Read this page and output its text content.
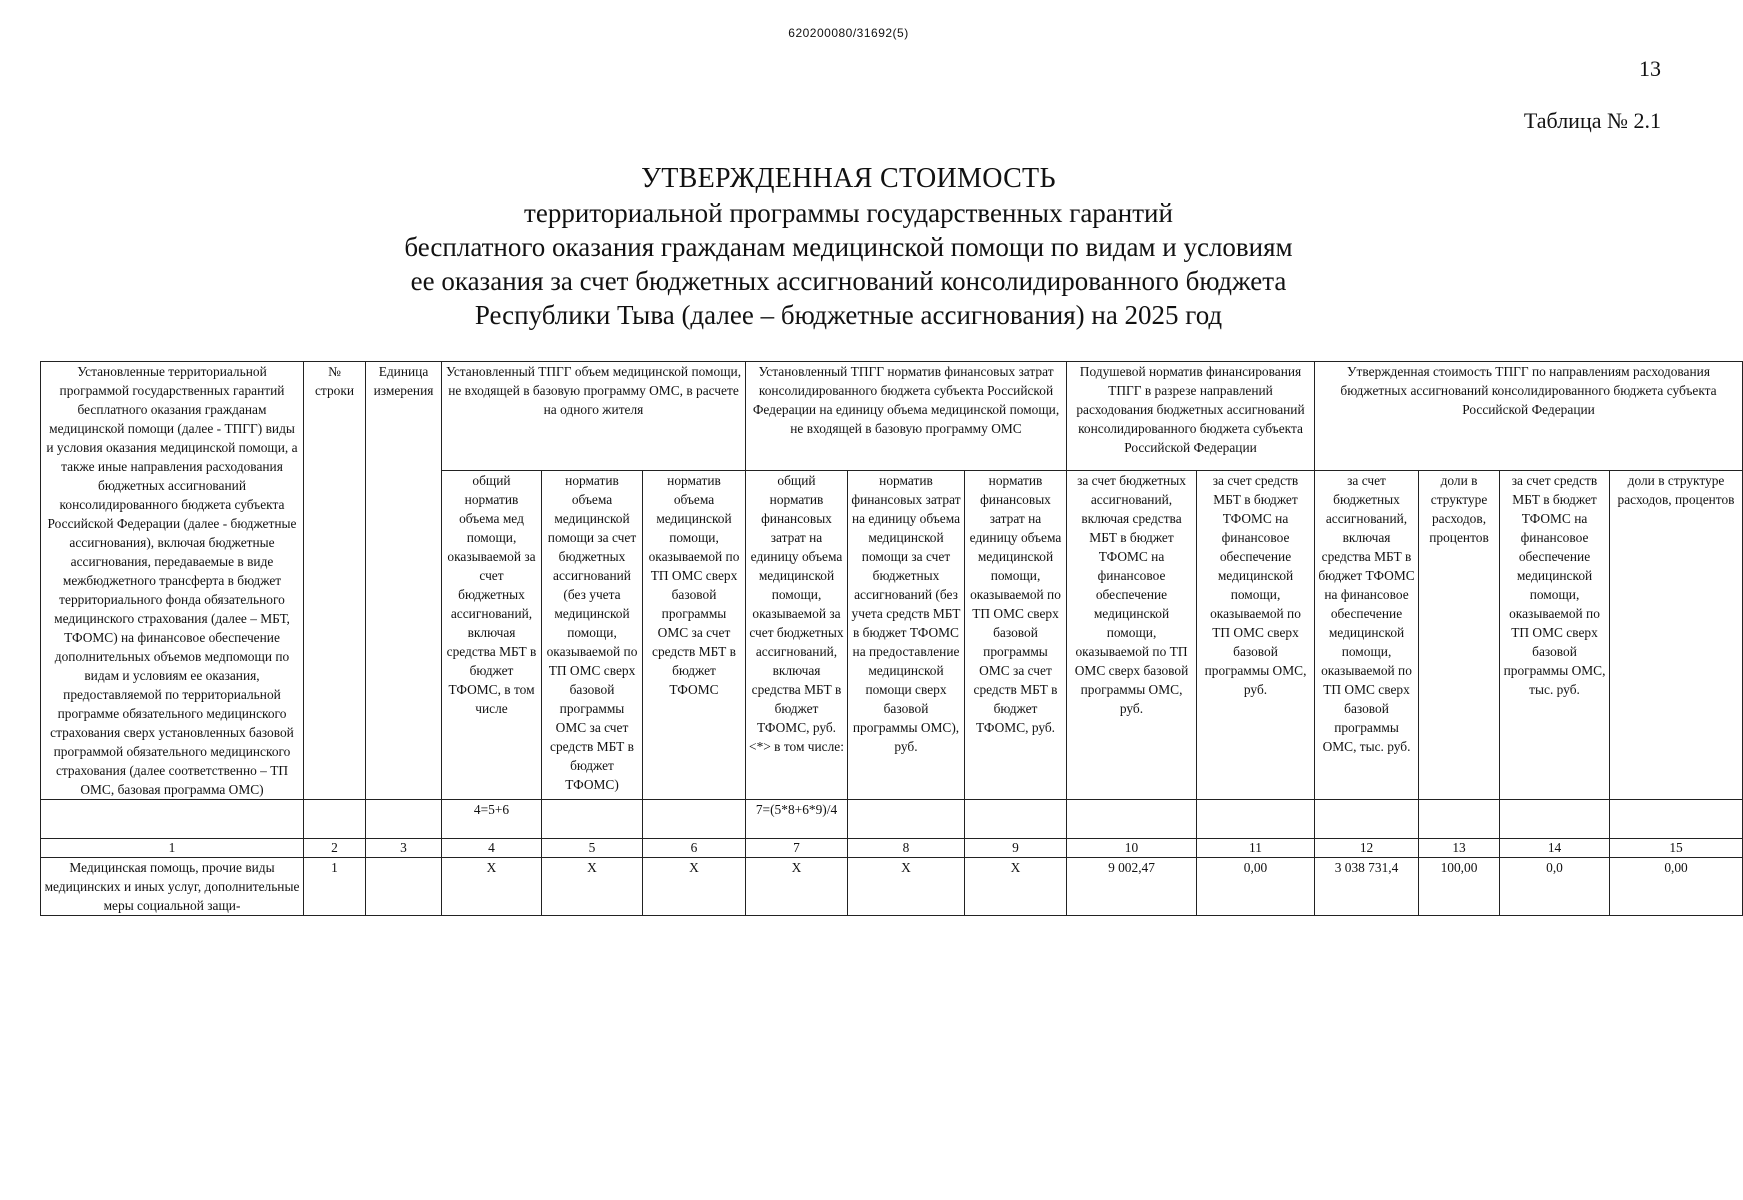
620200080/31692(5)
13
Таблица № 2.1
УТВЕРЖДЕННАЯ СТОИМОСТЬ
территориальной программы государственных гарантий
бесплатного оказания гражданам медицинской помощи по видам и условиям
ее оказания за счет бюджетных ассигнований консолидированного бюджета
Республики Тыва (далее – бюджетные ассигнования) на 2025 год
Установленные территориальной программой государственных гарантий бесплатного оказания гражданам медицинской помощи (далее - ТПГГ) виды и условия оказания медицинской помощи, а также иные направления расходования бюджетных ассигнований консолидированного бюджета субъекта Российской Федерации (далее - бюджетные ассигнования), включая бюджетные ассигнования, передаваемые в виде межбюджетного трансферта в бюджет территориального фонда обязательного медицинского страхования (далее – МБТ, ТФОМС) на финансовое обеспечение дополнительных объемов медпомощи по видам и условиям ее оказания, предоставляемой по территориальной программе обязательного медицинского страхования сверх установленных базовой программой обязательного медицинского страхования (далее соответственно – ТП ОМС, базовая программа ОМС)	№ строки	Единица измерения	Установленный ТПГГ объем медицинской помощи, не входящей в базовую программу ОМС, в расчете на одного жителя			Установленный ТПГГ норматив финансовых затрат консолидированного бюджета субъекта Российской Федерации на единицу объема медицинской помощи, не входящей в базовую программу ОМС			Подушевой норматив финансирования ТПГГ в разрезе направлений расходования бюджетных ассигнований консолидированного бюджета субъекта Российской Федерации		Утвержденная стоимость ТПГГ по направлениям расходования бюджетных ассигнований консолидированного бюджета субъекта Российской Федерации			
			общий норматив объема мед помощи, оказываемой за счет бюджетных ассигнований, включая средства МБТ в бюджет ТФОМС, в том числе	норматив объема медицинской помощи за счет бюджетных ассигнований (без учета медицинской помощи, оказываемой по ТП ОМС сверх базовой программы ОМС за счет средств МБТ в бюджет ТФОМС)	норматив объема медицинской помощи, оказываемой по ТП ОМС сверх базовой программы ОМС за счет средств МБТ в бюджет ТФОМС	общий норматив финансовых затрат на единицу объема медицинской помощи, оказываемой за счет бюджетных ассигнований, включая средства МБТ в бюджет ТФОМС, руб. <*> в том числе:	норматив финансовых затрат на единицу объема медицинской помощи за счет бюджетных ассигнований (без учета средств МБТ в бюджет ТФОМС на предоставление медицинской помощи сверх базовой программы ОМС), руб.	норматив финансовых затрат на единицу объема медицинской помощи, оказываемой по ТП ОМС сверх базовой программы ОМС за счет средств МБТ в бюджет ТФОМС, руб.	за счет бюджетных ассигнований, включая средства МБТ в бюджет ТФОМС на финансовое обеспечение медицинской помощи, оказываемой по ТП ОМС сверх базовой программы ОМС, руб.	за счет средств МБТ в бюджет ТФОМС на финансовое обеспечение медицинской помощи, оказываемой по ТП ОМС сверх базовой программы ОМС, руб.	за счет бюджетных ассигнований, включая средства МБТ в бюджет ТФОМС на финансовое обеспечение медицинской помощи, оказываемой по ТП ОМС сверх базовой программы ОМС, тыс. руб.	доли в структуре расходов, процентов	за счет средств МБТ в бюджет ТФОМС на финансовое обеспечение медицинской помощи, оказываемой по ТП ОМС сверх базовой программы ОМС, тыс. руб.	доли в структуре расходов, процентов
			4=5+6			7=(5*8+6*9)/4								
1	2	3	4	5	6	7	8	9	10	11	12	13	14	15
Медицинская помощь, прочие виды медицинских и иных услуг, дополнительные меры социальной защи-	1		X	X	X	X	X	X	9 002,47	0,00	3 038 731,4	100,00	0,0	0,00
